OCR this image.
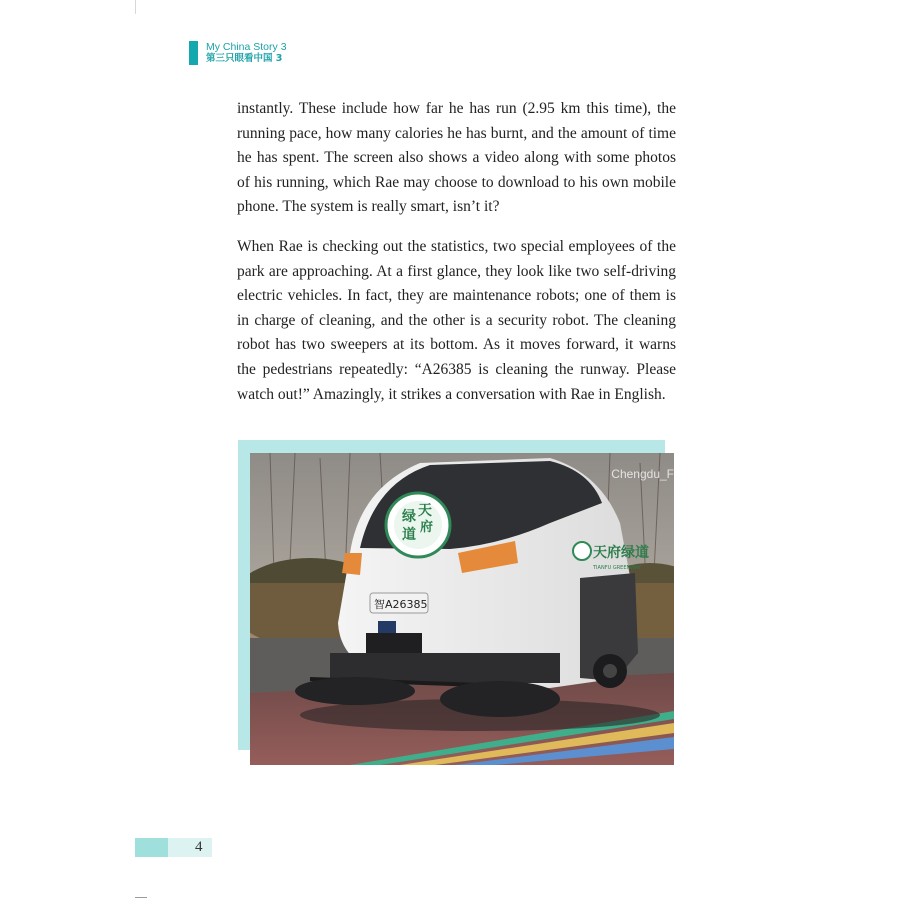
My China Story 3
第三只眼看中国 3

instantly. These include how far he has run (2.95 km this time), the running pace, how many calories he has burnt, and the amount of time he has spent. The screen also shows a video along with some photos of his running, which Rae may choose to download to his own mobile phone. The system is really smart, isn’t it?

When Rae is checking out the statistics, two special employees of the park are approaching. At a first glance, they look like two self-driving electric vehicles. In fact, they are maintenance robots; one of them is in charge of cleaning, and the other is a security robot. The cleaning robot has two sweepers at its bottom. As it moves forward, it warns the pedestrians repeatedly: “A26385 is cleaning the runway. Please watch out!” Amazingly, it strikes a conversation with Rae in English.

绿 天
府
道
天府绿道
TIANFU GREENWAY
智A26385
Chengdu_F
4
